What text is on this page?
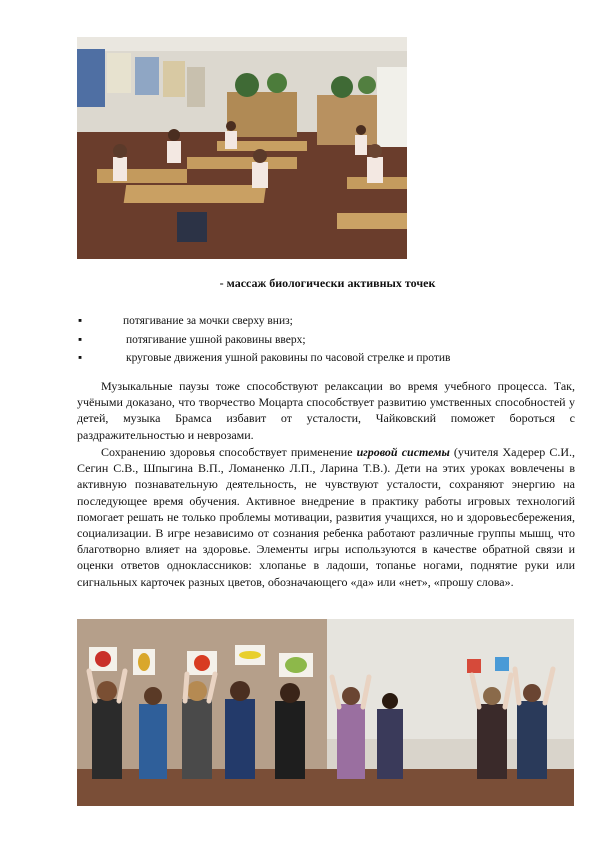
- массаж биологически активных точек
▪	потягивание за мочки сверху вниз;
▪	потягивание ушной раковины вверх;
▪	круговые движения ушной раковины по часовой стрелке и против
Музыкальные паузы тоже способствуют релаксации во время учебного процесса. Так, учёными доказано, что творчество Моцарта способствует развитию умственных способностей у детей, музыка Брамса избавит от усталости, Чайковский поможет бороться с раздражительностью и неврозами.
Сохранению здоровья способствует применение игровой системы (учителя Хадерер С.И., Сегин С.В., Шпыгина В.П., Ломаненко Л.П., Ларина Т.В.). Дети на этих уроках вовлечены в активную познавательную деятельность, не чувствуют усталости, сохраняют энергию на последующее время обучения. Активное внедрение в практику работы игровых технологий помогает решать не только проблемы мотивации, развития учащихся, но и здоровьесбережения, социализации. В игре независимо от сознания ребенка работают различные группы мышц, что благотворно влияет на здоровье. Элементы игры используются в качестве обратной связи и оценки ответов одноклассников: хлопанье в ладоши, топанье ногами, поднятие руки или сигнальных карточек разных цветов, обозначающего «да» или «нет», «прошу слова».
